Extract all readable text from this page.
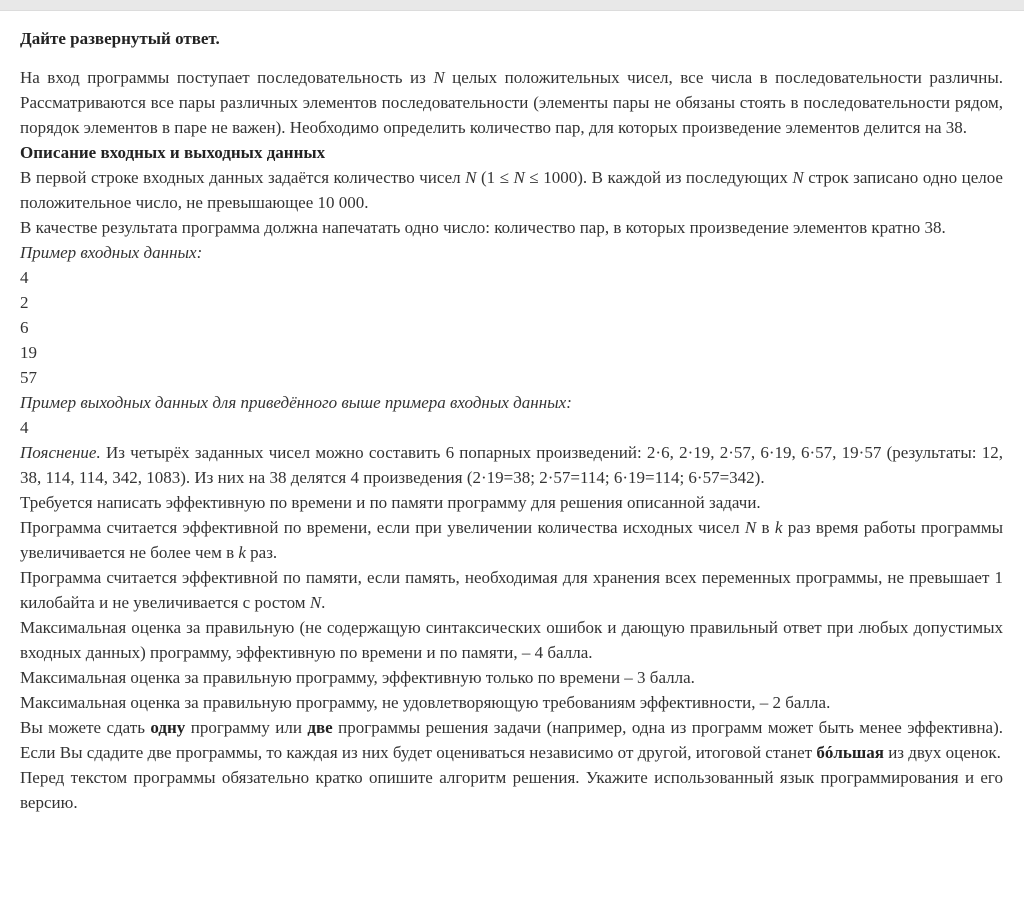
Дайте развернутый ответ.
На вход программы поступает последовательность из N целых положительных чисел, все числа в последовательности различны. Рассматриваются все пары различных элементов последовательности (элементы пары не обязаны стоять в последовательности рядом, порядок элементов в паре не важен). Необходимо определить количество пар, для которых произведение элементов делится на 38.
Описание входных и выходных данных
В первой строке входных данных задаётся количество чисел N (1 ≤ N ≤ 1000). В каждой из последующих N строк записано одно целое положительное число, не превышающее 10 000.
В качестве результата программа должна напечатать одно число: количество пар, в которых произведение элементов кратно 38.
Пример входных данных:
4
2
6
19
57
Пример выходных данных для приведённого выше примера входных данных:
4
Пояснение. Из четырёх заданных чисел можно составить 6 попарных произведений: 2·6, 2·19, 2·57, 6·19, 6·57, 19·57 (результаты: 12, 38, 114, 114, 342, 1083). Из них на 38 делятся 4 произведения (2·19=38; 2·57=114; 6·19=114; 6·57=342).
Требуется написать эффективную по времени и по памяти программу для решения описанной задачи.
Программа считается эффективной по времени, если при увеличении количества исходных чисел N в k раз время работы программы увеличивается не более чем в k раз.
Программа считается эффективной по памяти, если память, необходимая для хранения всех переменных программы, не превышает 1 килобайта и не увеличивается с ростом N.
Максимальная оценка за правильную (не содержащую синтаксических ошибок и дающую правильный ответ при любых допустимых входных данных) программу, эффективную по времени и по памяти, – 4 балла.
Максимальная оценка за правильную программу, эффективную только по времени – 3 балла.
Максимальная оценка за правильную программу, не удовлетворяющую требованиям эффективности, – 2 балла.
Вы можете сдать одну программу или две программы решения задачи (например, одна из программ может быть менее эффективна). Если Вы сдадите две программы, то каждая из них будет оцениваться независимо от другой, итоговой станет бóльшая из двух оценок.
Перед текстом программы обязательно кратко опишите алгоритм решения. Укажите использованный язык программирования и его версию.
